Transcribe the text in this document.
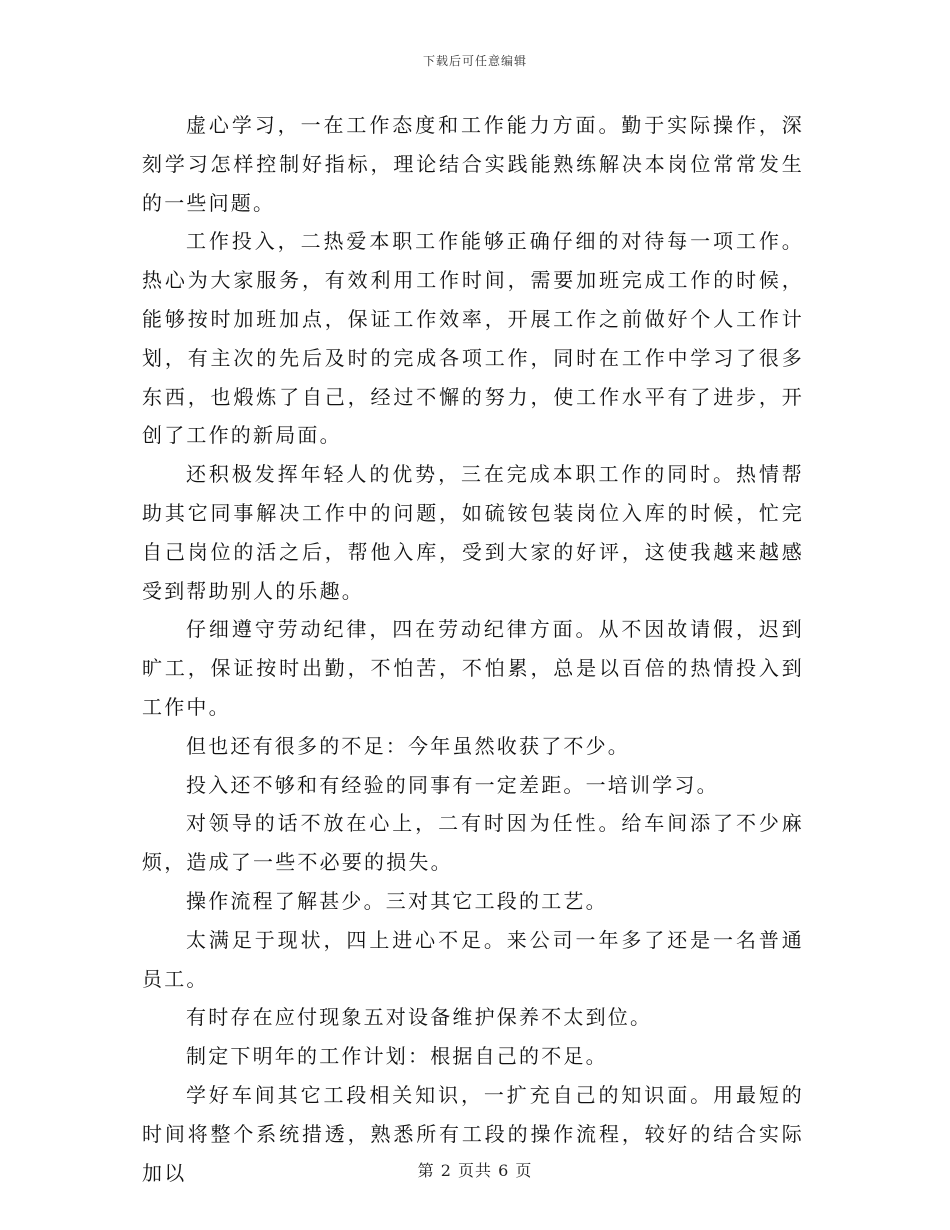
下载后可任意编辑

虚心学习，一在工作态度和工作能力方面。勤于实际操作，深刻学习怎样控制好指标，理论结合实践能熟练解决本岗位常常发生的一些问题。

工作投入，二热爱本职工作能够正确仔细的对待每一项工作。热心为大家服务，有效利用工作时间，需要加班完成工作的时候，能够按时加班加点，保证工作效率，开展工作之前做好个人工作计划，有主次的先后及时的完成各项工作，同时在工作中学习了很多东西，也煅炼了自己，经过不懈的努力，使工作水平有了进步，开创了工作的新局面。

还积极发挥年轻人的优势，三在完成本职工作的同时。热情帮助其它同事解决工作中的问题，如硫铵包装岗位入库的时候，忙完自己岗位的活之后，帮他入库，受到大家的好评，这使我越来越感受到帮助别人的乐趣。

仔细遵守劳动纪律，四在劳动纪律方面。从不因故请假，迟到旷工，保证按时出勤，不怕苦，不怕累，总是以百倍的热情投入到工作中。

但也还有很多的不足：今年虽然收获了不少。

投入还不够和有经验的同事有一定差距。一培训学习。

对领导的话不放在心上，二有时因为任性。给车间添了不少麻烦，造成了一些不必要的损失。

操作流程了解甚少。三对其它工段的工艺。

太满足于现状，四上进心不足。来公司一年多了还是一名普通员工。

有时存在应付现象五对设备维护保养不太到位。

制定下明年的工作计划：根据自己的不足。

学好车间其它工段相关知识，一扩充自己的知识面。用最短的时间将整个系统措透，熟悉所有工段的操作流程，较好的结合实际加以	第 2 页共 6 页
